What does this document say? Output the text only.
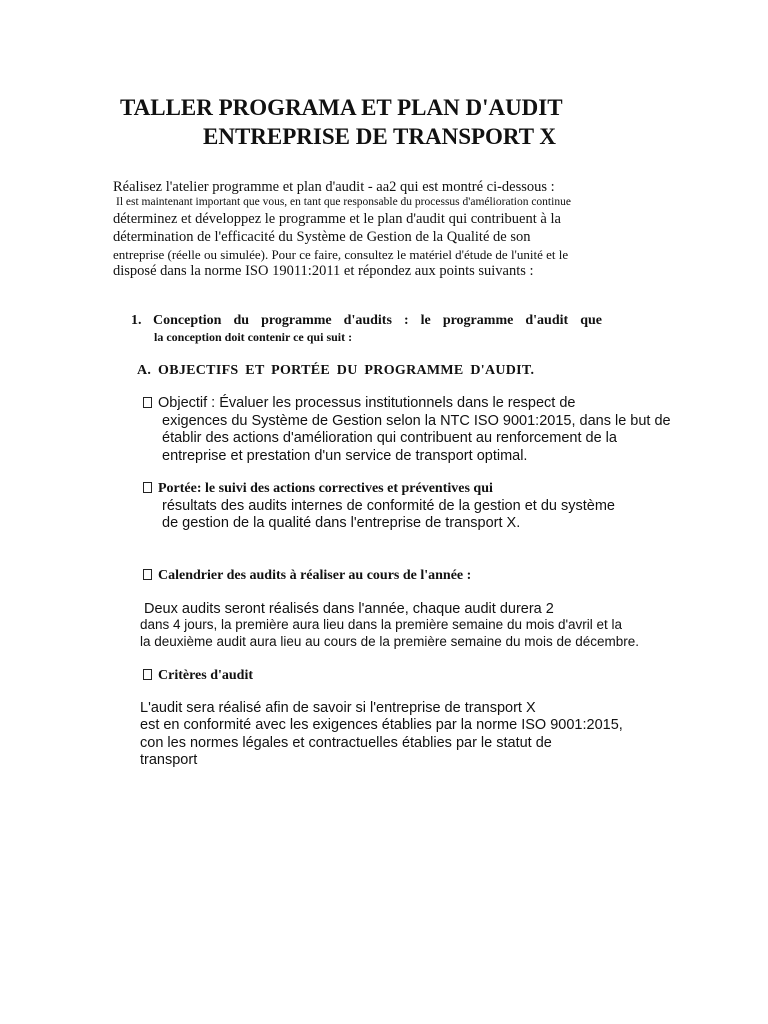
TALLER PROGRAMA ET PLAN D'AUDIT
ENTREPRISE DE TRANSPORT X
Réalisez l'atelier programme et plan d'audit - aa2 qui est montré ci-dessous :
Il est maintenant important que vous, en tant que responsable du processus d'amélioration continue
déterminez et développez le programme et le plan d'audit qui contribuent à la
détermination de l'efficacité du Système de Gestion de la Qualité de son
entreprise (réelle ou simulée). Pour ce faire, consultez le matériel d'étude de l'unité et le
disposé dans la norme ISO 19011:2011 et répondez aux points suivants :
1. Conception du programme d'audits : le programme d'audit que
la conception doit contenir ce qui suit :
A. OBJECTIFS ET PORTÉE DU PROGRAMME D'AUDIT.
Objectif : Évaluer les processus institutionnels dans le respect de
exigences du Système de Gestion selon la NTC ISO 9001:2015, dans le but de
établir des actions d'amélioration qui contribuent au renforcement de la
entreprise et prestation d'un service de transport optimal.
Portée: le suivi des actions correctives et préventives qui
résultats des audits internes de conformité de la gestion et du système
de gestion de la qualité dans l'entreprise de transport X.
Calendrier des audits à réaliser au cours de l'année :
Deux audits seront réalisés dans l'année, chaque audit durera 2
dans 4 jours, la première aura lieu dans la première semaine du mois d'avril et la
la deuxième audit aura lieu au cours de la première semaine du mois de décembre.
Critères d'audit
L'audit sera réalisé afin de savoir si l'entreprise de transport X
est en conformité avec les exigences établies par la norme ISO 9001:2015,
con les normes légales et contractuelles établies par le statut de
transport
